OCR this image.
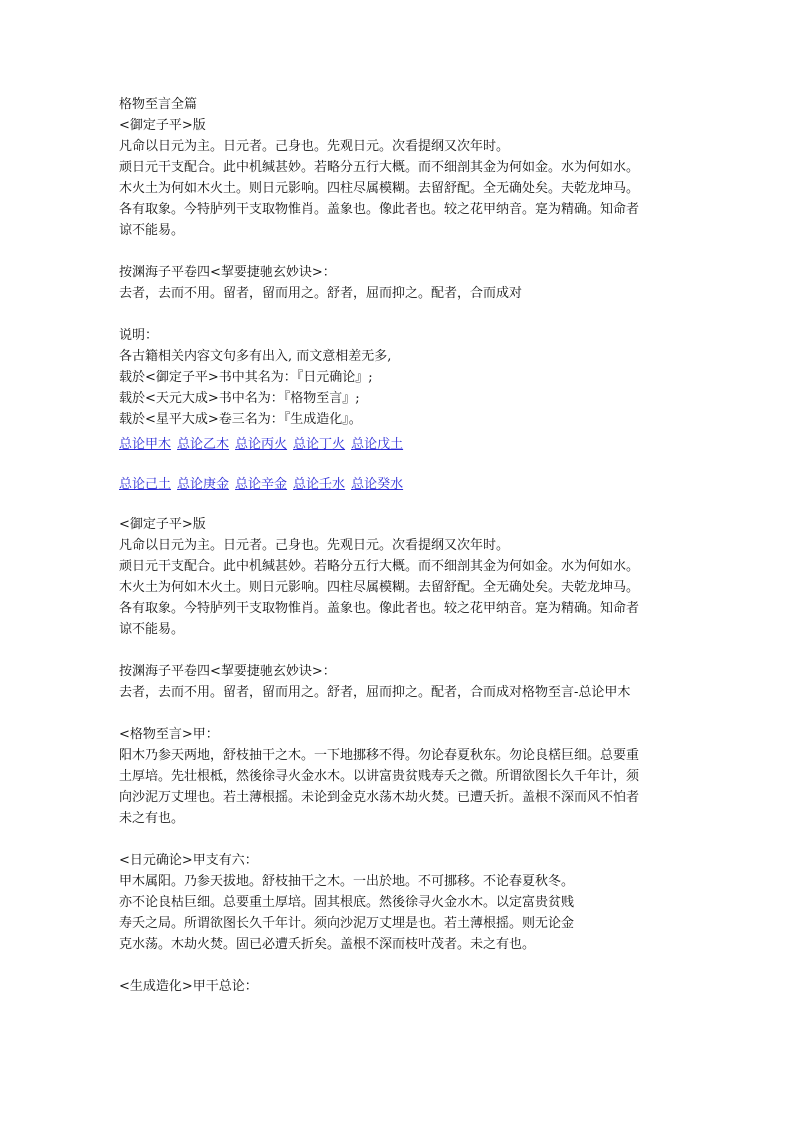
格物至言全篇
<御定子平>版
凡命以日元为主。日元者。己身也。先观日元。次看提纲又次年时。
顽日元干支配合。此中机缄甚妙。若略分五行大概。而不细剖其金为何如金。水为何如水。
木火土为何如木火土。则日元影响。四柱尽属模糊。去留舒配。全无确处矣。夫乾龙坤马。
各有取象。今特胪列干支取物惟肖。盖象也。像此者也。较之花甲纳音。寔为精确。知命者
谅不能易。
按渊海子平卷四<挈要捷驰玄妙诀>：
去者，去而不用。留者，留而用之。舒者，屈而抑之。配者，合而成对
说明：
各古籍相关内容文句多有出入, 而文意相差无多,
载於<御定子平>书中其名为：『日元确论』;
载於<天元大成>书中名为：『格物至言』;
载於<星平大成>卷三名为：『生成造化』。
总论甲木 总论乙木 总论丙火 总论丁火 总论戊土
总论己土 总论庚金 总论辛金 总论壬水 总论癸水
<御定子平>版
凡命以日元为主。日元者。己身也。先观日元。次看提纲又次年时。
顽日元干支配合。此中机缄甚妙。若略分五行大概。而不细剖其金为何如金。水为何如水。
木火土为何如木火土。则日元影响。四柱尽属模糊。去留舒配。全无确处矣。夫乾龙坤马。
各有取象。今特胪列干支取物惟肖。盖象也。像此者也。较之花甲纳音。寔为精确。知命者
谅不能易。
按渊海子平卷四<挈要捷驰玄妙诀>：
去者，去而不用。留者，留而用之。舒者，屈而抑之。配者，合而成对格物至言-总论甲木
<格物至言>甲：
阳木乃参天两地，舒枝抽干之木。一下地挪移不得。勿论春夏秋东。勿论良楛巨细。总要重
土厚培。先壮根柢，然後徐寻火金水木。以讲富贵贫贱寿夭之微。所谓欲图长久千年计，须
向沙泥万丈埋也。若土薄根摇。未论到金克水荡木劫火焚。已遭夭折。盖根不深而风不怕者
未之有也。
<日元确论>甲支有六：
甲木属阳。乃参天拔地。舒枝抽干之木。一出於地。不可挪移。不论春夏秋冬。
亦不论良枯巨细。总要重土厚培。固其根底。然後徐寻火金水木。以定富贵贫贱
寿夭之局。所谓欲图长久千年计。须向沙泥万丈埋是也。若土薄根摇。则无论金
克水荡。木劫火焚。固已必遭夭折矣。盖根不深而枝叶茂者。未之有也。
<生成造化>甲干总论：
